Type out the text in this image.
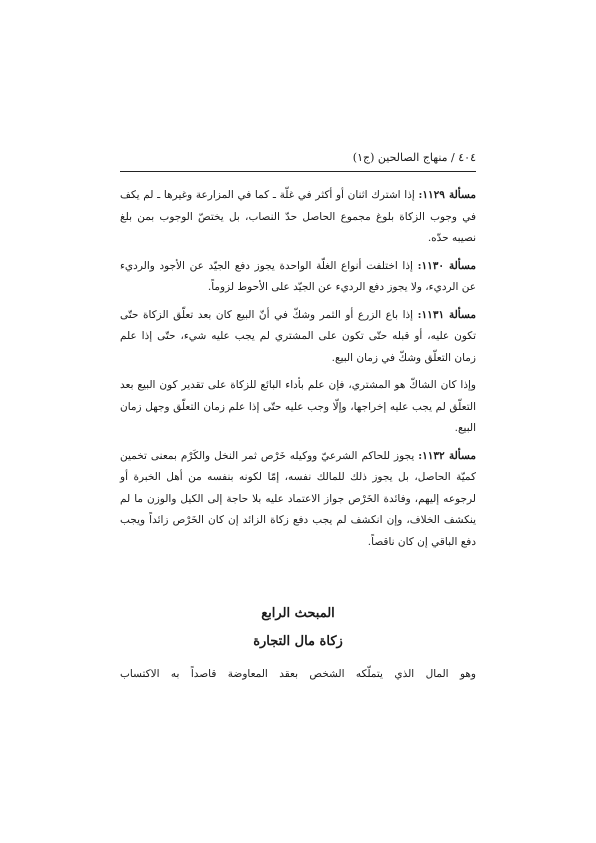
٤٠٤ / منهاج الصالحين (ج١)

مسألة ١١٢٩: إذا اشترك اثنان أو أكثر في غلّة ـ كما في المزارعة وغيرها ـ لم يكف في وجوب الزكاة بلوغ مجموع الحاصل حدّ النصاب، بل يختصّ الوجوب بمن بلغ نصيبه حدّه.

مسألة ١١٣٠: إذا اختلفت أنواع الغلّة الواحدة يجوز دفع الجيّد عن الأجود والرديء عن الرديء، ولا يجوز دفع الرديء عن الجيّد على الأحوط لزوماً.

مسألة ١١٣١: إذا باع الزرع أو الثمر وشكّ في أنّ البيع كان بعد تعلّق الزكاة حتّى تكون عليه، أو قبله حتّى تكون على المشتري لم يجب عليه شيء، حتّى إذا علم زمان التعلّق وشكّ في زمان البيع.

وإذا كان الشاكّ هو المشتري، فإن علم بأداء البائع للزكاة على تقدير كون البيع بعد التعلّق لم يجب عليه إخراجها، وإلّا وجب عليه حتّى إذا علم زمان التعلّق وجهل زمان البيع.

مسألة ١١٣٢: يجوز للحاكم الشرعيّ ووكيله خَرْص ثمر النخل والكَرْم بمعنى تخمين كميّة الحاصل، بل يجوز ذلك للمالك نفسه، إمّا لكونه بنفسه من أهل الخبرة أو لرجوعه إليهم، وفائدة الخَرْص جواز الاعتماد عليه بلا حاجة إلى الكيل والوزن ما لم ينكشف الخلاف، وإن انكشف لم يجب دفع زكاة الزائد إن كان الخَرْص زائداً ويجب دفع الباقي إن كان ناقصاً.

المبحث الرابع
زكاة مال التجارة
وهو المال الذي يتملّكه الشخص بعقد المعاوضة قاصداً به الاكتساب
